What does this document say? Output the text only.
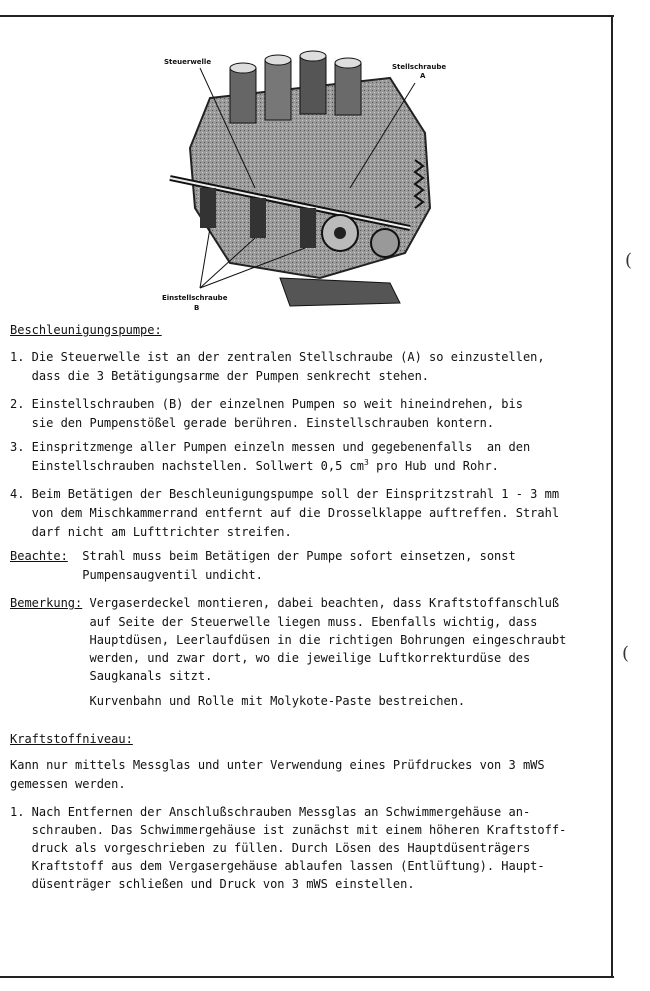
Steuerwelle
Stellschraube
A
Einstellschraube
B
Beschleunigungspumpe:
1. Die Steuerwelle ist an der zentralen Stellschraube (A) so einzustellen,
dass die 3 Betätigungsarme der Pumpen senkrecht stehen.
2. Einstellschrauben (B) der einzelnen Pumpen so weit hineindrehen, bis
sie den Pumpenstößel gerade berühren. Einstellschrauben kontern.
3. Einspritzmenge aller Pumpen einzeln messen und gegebenenfalls  an den
Einstellschrauben nachstellen. Sollwert 0,5 $cm^3$ pro Hub und Rohr.
4. Beim Betätigen der Beschleunigungspumpe soll der Einspritzstrahl 1 - 3 mm
von dem Mischkammerrand entfernt auf die Drosselklappe auftreffen. Strahl
darf nicht am Lufttrichter streifen.
Beachte:  Strahl muss beim Betätigen der Pumpe sofort einsetzen, sonst
Pumpensaugventil undicht.
Bemerkung: Vergaserdeckel montieren, dabei beachten, dass Kraftstoffanschluß
auf Seite der Steuerwelle liegen muss. Ebenfalls wichtig, dass
Hauptdüsen, Leerlaufdüsen in die richtigen Bohrungen eingeschraubt
werden, und zwar dort, wo die jeweilige Luftkorrekturdüse des
Saugkanals sitzt.
Kurvenbahn und Rolle mit Molykote-Paste bestreichen.
Kraftstoffniveau:
Kann nur mittels Messglas und unter Verwendung eines Prüfdruckes von 3 mWS
gemessen werden.
1. Nach Entfernen der Anschlußschrauben Messglas an Schwimmergehäuse an-
schrauben. Das Schwimmergehäuse ist zunächst mit einem höheren Kraftstoff-
druck als vorgeschrieben zu füllen. Durch Lösen des Hauptdüsenträgers
Kraftstoff aus dem Vergasergehäuse ablaufen lassen (Entlüftung). Haupt-
düsenträger schließen und Druck von 3 mWS einstellen.
(
(
